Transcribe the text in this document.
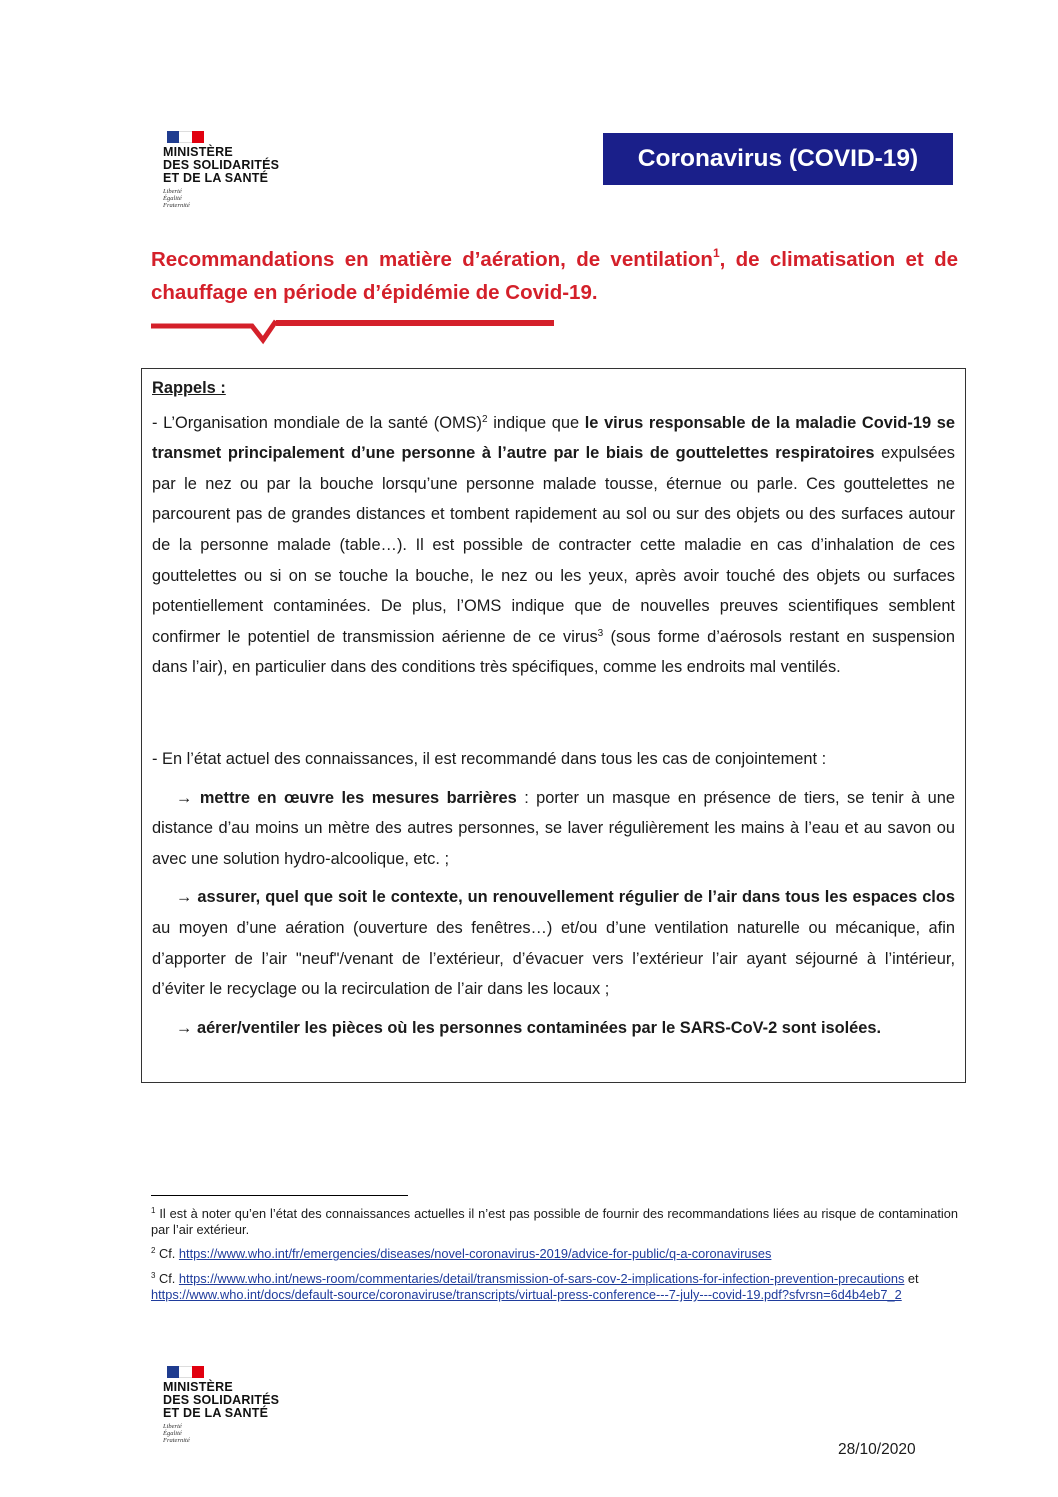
MINISTÈRE
DES SOLIDARITÉS
ET DE LA SANTÉ
Liberté
Égalité
Fraternité
Coronavirus (COVID-19)
Recommandations en matière d’aération, de ventilation$^1$, de climatisation et de chauffage en période d’épidémie de Covid-19.

Rappels :

- L’Organisation mondiale de la santé (OMS)$^2$ indique que le virus responsable de la maladie Covid-19 se transmet principalement d’une personne à l’autre par le biais de gouttelettes respiratoires expulsées par le nez ou par la bouche lorsqu’une personne malade tousse, éternue ou parle. Ces gouttelettes ne parcourent pas de grandes distances et tombent rapidement au sol ou sur des objets ou des surfaces autour de la personne malade (table…). Il est possible de contracter cette maladie en cas d’inhalation de ces gouttelettes ou si on se touche la bouche, le nez ou les yeux, après avoir touché des objets ou surfaces potentiellement contaminées. De plus, l’OMS indique que de nouvelles preuves scientifiques semblent confirmer le potentiel de transmission aérienne de ce virus$^3$ (sous forme d’aérosols restant en suspension dans l’air), en particulier dans des conditions très spécifiques, comme les endroits mal ventilés.

- En l’état actuel des connaissances, il est recommandé dans tous les cas de conjointement :

→ mettre en œuvre les mesures barrières : porter un masque en présence de tiers, se tenir à une distance d’au moins un mètre des autres personnes, se laver régulièrement les mains à l’eau et au savon ou avec une solution hydro-alcoolique, etc. ;

→ assurer, quel que soit le contexte, un renouvellement régulier de l’air dans tous les espaces clos au moyen d’une aération (ouverture des fenêtres…) et/ou d’une ventilation naturelle ou mécanique, afin d’apporter de l’air "neuf"/venant de l’extérieur, d’évacuer vers l’extérieur l’air ayant séjourné à l’intérieur, d’éviter le recyclage ou la recirculation de l’air dans les locaux ;

→ aérer/ventiler les pièces où les personnes contaminées par le SARS-CoV-2 sont isolées.

$^1$ Il est à noter qu’en l’état des connaissances actuelles il n’est pas possible de fournir des recommandations liées au risque de contamination par l’air extérieur.
$^2$ Cf. https://www.who.int/fr/emergencies/diseases/novel-coronavirus-2019/advice-for-public/q-a-coronaviruses
$^3$ Cf. https://www.who.int/news-room/commentaries/detail/transmission-of-sars-cov-2-implications-for-infection-prevention-precautions et https://www.who.int/docs/default-source/coronaviruse/transcripts/virtual-press-conference---7-july---covid-19.pdf?sfvrsn=6d4b4eb7_2
MINISTÈRE
DES SOLIDARITÉS
ET DE LA SANTÉ
Liberté
Égalité
Fraternité
28/10/2020
